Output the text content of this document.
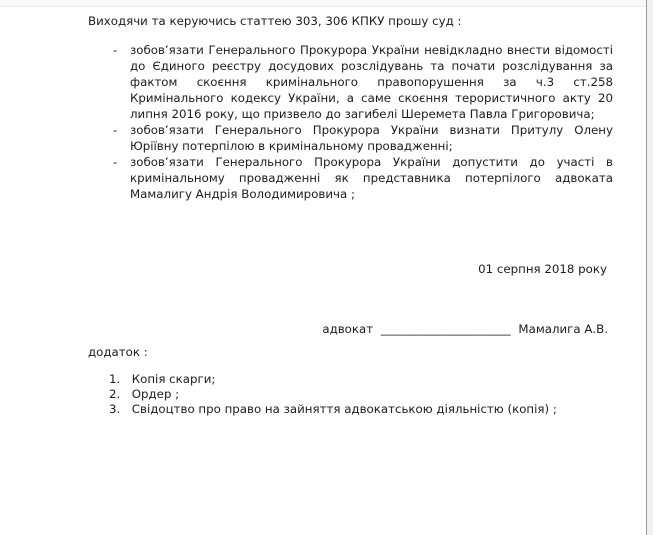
Виходячи та керуючись статтею 303, 306 КПКУ прошу суд :

- зобов’язати Генерального Прокурора України невідкладно внести відомості до Єдиного реєстру досудових розслідувань та почати розслідування за фактом скоєння кримінального правопорушення за ч.3 ст.258 Кримінального кодексу України, а саме скоєння терористичного акту 20 липня 2016 року, що призвело до загибелі Шеремета Павла Григоровича;
- зобов’язати Генерального Прокурора України визнати Притулу Олену Юріївну потерпілою в кримінальному провадженні;
- зобов’язати Генерального Прокурора України допустити до участі в кримінальному провадженні як представника потерпілого адвоката Мамалигу Андрія Володимировича ;
01 серпня 2018 року
адвокат ______________________ Мамалига А.В.
додаток :
1. Копія скарги;
2. Ордер ;
3. Свідоцтво про право на зайняття адвокатською діяльністю (копія) ;
